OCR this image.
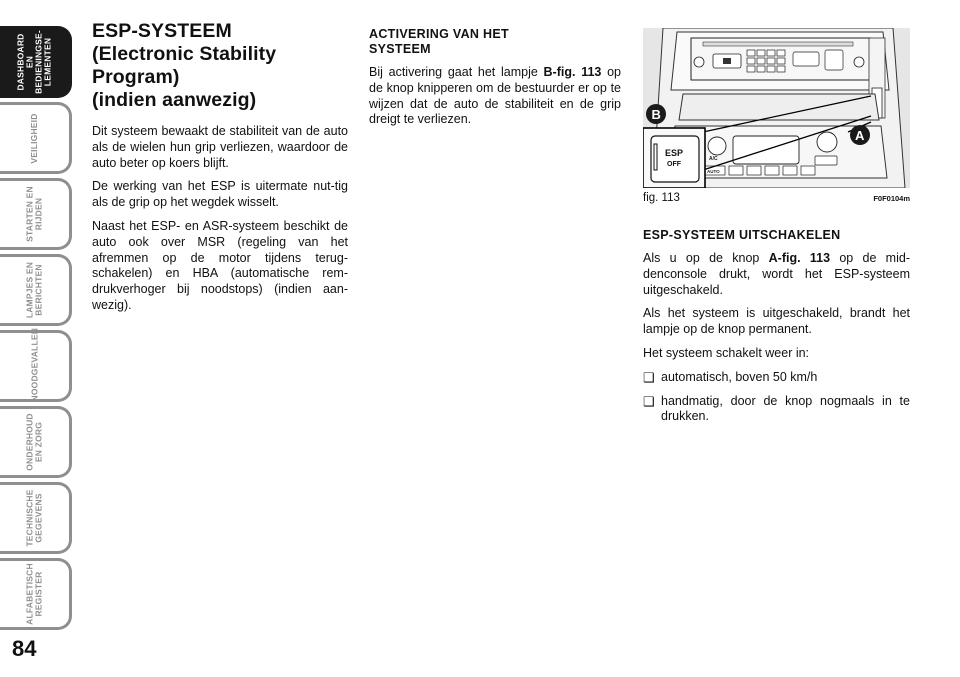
DASHBOARD EN
BEDIENINGSE-
LEMENTEN
VEILIGHEID
STARTEN EN
RIJDEN
LAMPJES EN
BERICHTEN
NOODGEVALLEN
ONDERHOUD
EN ZORG
TECHNISCHE
GEGEVENS
ALFABETISCH
REGISTER
84
ESP-SYSTEEM
(Electronic Stability
Program)
(indien aanwezig)

Dit systeem bewaakt de stabiliteit van de auto als de wielen hun grip verliezen, waardoor de auto beter op koers blijft.

De werking van het ESP is uitermate nut-tig als de grip op het wegdek wisselt.

Naast het ESP- en ASR-systeem beschikt de auto ook over MSR (regeling van het afremmen op de motor tijdens terug-schakelen) en HBA (automatische rem-drukverhoger bij noodstops) (indien aan-wezig).

ACTIVERING VAN HET
SYSTEEM

Bij activering gaat het lampje B-fig. 113 op de knop knipperen om de bestuurder er op te wijzen dat de auto de stabiliteit en de grip dreigt te verliezen.

A/C
AUTO
ESP
OFF
B
A
fig. 113	F0F0104m
ESP-SYSTEEM UITSCHAKELEN

Als u op de knop A-fig. 113 op de mid-denconsole drukt, wordt het ESP-systeem uitgeschakeld.

Als het systeem is uitgeschakeld, brandt het lampje op de knop permanent.

Het systeem schakelt weer in:

❑ automatisch, boven 50 km/h
❑ handmatig, door de knop nogmaals in te drukken.
